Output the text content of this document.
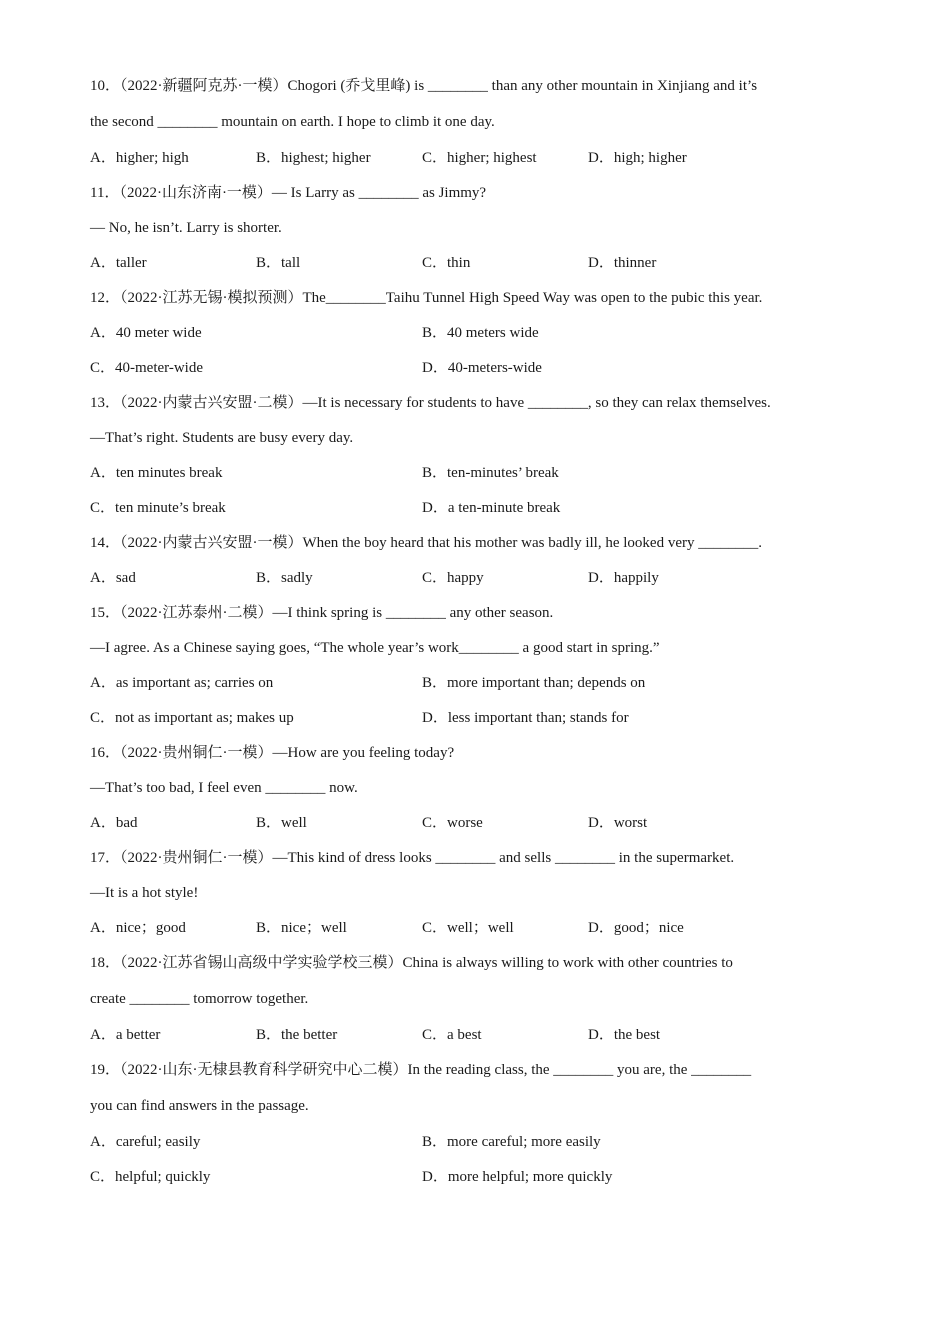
10．（2022·新疆阿克苏·一模）Chogori (乔戈里峰) is ________ than any other mountain in Xinjiang and it’s
the second ________ mountain on earth. I hope to climb it one day.
A．higher; high	B．highest; higher	C．higher; highest	D．high; higher
11．（2022·山东济南·一模）— Is Larry as ________ as Jimmy?
— No, he isn’t. Larry is shorter.
A．taller	B．tall	C．thin	D．thinner
12．（2022·江苏无锡·模拟预测）The________Taihu Tunnel High Speed Way was open to the pubic this year.
A．40 meter wide	B．40 meters wide
C．40-meter-wide	D．40-meters-wide
13．（2022·内蒙古兴安盟·二模）—It is necessary for students to have ________, so they can relax themselves.
—That’s right. Students are busy every day.
A．ten minutes break	B．ten-minutes’ break
C．ten minute’s break	D．a ten-minute break
14．（2022·内蒙古兴安盟·一模）When the boy heard that his mother was badly ill, he looked very ________.
A．sad	B．sadly	C．happy	D．happily
15．（2022·江苏泰州·二模）—I think spring is ________ any other season.
—I agree. As a Chinese saying goes, “The whole year’s work________ a good start in spring.”
A．as important as; carries on	B．more important than; depends on
C．not as important as; makes up	D．less important than; stands for
16．（2022·贵州铜仁·一模）—How are you feeling today?
—That’s too bad, I feel even ________ now.
A．bad	B．well	C．worse	D．worst
17．（2022·贵州铜仁·一模）—This kind of dress looks ________ and sells ________ in the supermarket.
—It is a hot style!
A．nice；good	B．nice；well	C．well；well	D．good；nice
18．（2022·江苏省锡山高级中学实验学校三模）China is always willing to work with other countries to
create ________ tomorrow together.
A．a better	B．the better	C．a best	D．the best
19．（2022·山东·无棣县教育科学研究中心二模）In the reading class, the ________ you are, the ________
you can find answers in the passage.
A．careful; easily	B．more careful; more easily
C．helpful; quickly	D．more helpful; more quickly
